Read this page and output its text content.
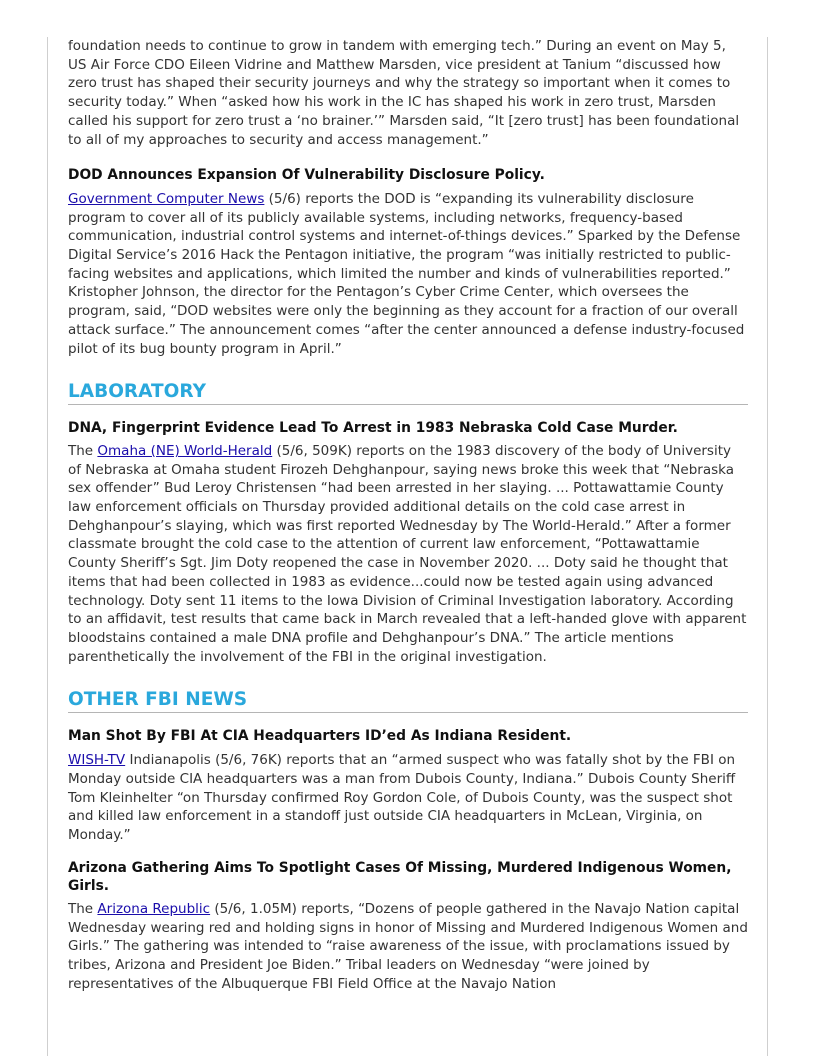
foundation needs to continue to grow in tandem with emerging tech.” During an event on May 5, US Air Force CDO Eileen Vidrine and Matthew Marsden, vice president at Tanium “discussed how zero trust has shaped their security journeys and why the strategy so important when it comes to security today.” When “asked how his work in the IC has shaped his work in zero trust, Marsden called his support for zero trust a ‘no brainer.’” Marsden said, “It [zero trust] has been foundational to all of my approaches to security and access management.”

DOD Announces Expansion Of Vulnerability Disclosure Policy.

Government Computer News (5/6) reports the DOD is “expanding its vulnerability disclosure program to cover all of its publicly available systems, including networks, frequency-based communication, industrial control systems and internet-of-things devices.” Sparked by the Defense Digital Service’s 2016 Hack the Pentagon initiative, the program “was initially restricted to public-facing websites and applications, which limited the number and kinds of vulnerabilities reported.” Kristopher Johnson, the director for the Pentagon’s Cyber Crime Center, which oversees the program, said, “DOD websites were only the beginning as they account for a fraction of our overall attack surface.” The announcement comes “after the center announced a defense industry-focused pilot of its bug bounty program in April.”

LABORATORY
DNA, Fingerprint Evidence Lead To Arrest in 1983 Nebraska Cold Case Murder.

The Omaha (NE) World-Herald (5/6, 509K) reports on the 1983 discovery of the body of University of Nebraska at Omaha student Firozeh Dehghanpour, saying news broke this week that “Nebraska sex offender” Bud Leroy Christensen “had been arrested in her slaying. ... Pottawattamie County law enforcement officials on Thursday provided additional details on the cold case arrest in Dehghanpour’s slaying, which was first reported Wednesday by The World-Herald.” After a former classmate brought the cold case to the attention of current law enforcement, “Pottawattamie County Sheriff’s Sgt. Jim Doty reopened the case in November 2020. ... Doty said he thought that items that had been collected in 1983 as evidence...could now be tested again using advanced technology. Doty sent 11 items to the Iowa Division of Criminal Investigation laboratory. According to an affidavit, test results that came back in March revealed that a left-handed glove with apparent bloodstains contained a male DNA profile and Dehghanpour’s DNA.” The article mentions parenthetically the involvement of the FBI in the original investigation.

OTHER FBI NEWS
Man Shot By FBI At CIA Headquarters ID’ed As Indiana Resident.

WISH-TV Indianapolis (5/6, 76K) reports that an “armed suspect who was fatally shot by the FBI on Monday outside CIA headquarters was a man from Dubois County, Indiana.” Dubois County Sheriff Tom Kleinhelter “on Thursday confirmed Roy Gordon Cole, of Dubois County, was the suspect shot and killed law enforcement in a standoff just outside CIA headquarters in McLean, Virginia, on Monday.”

Arizona Gathering Aims To Spotlight Cases Of Missing, Murdered Indigenous Women, Girls.

The Arizona Republic (5/6, 1.05M) reports, “Dozens of people gathered in the Navajo Nation capital Wednesday wearing red and holding signs in honor of Missing and Murdered Indigenous Women and Girls.” The gathering was intended to “raise awareness of the issue, with proclamations issued by tribes, Arizona and President Joe Biden.” Tribal leaders on Wednesday “were joined by representatives of the Albuquerque FBI Field Office at the Navajo Nation
